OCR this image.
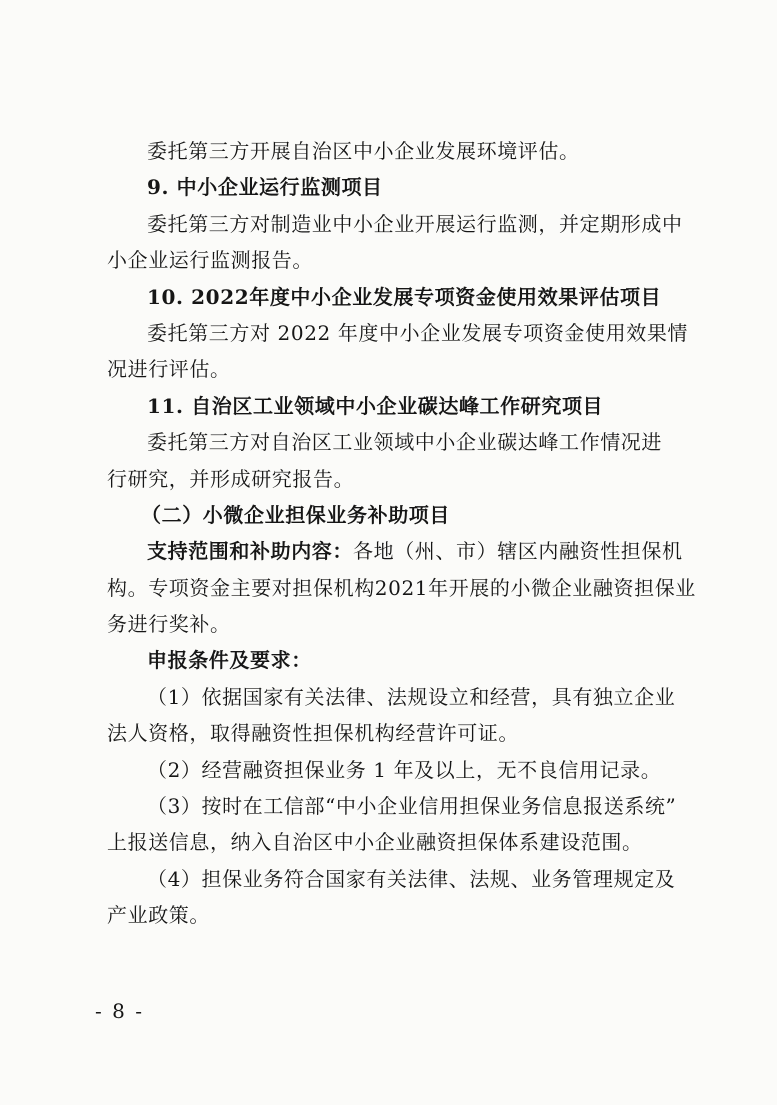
委托第三方开展自治区中小企业发展环境评估。
9. 中小企业运行监测项目
委托第三方对制造业中小企业开展运行监测，并定期形成中
小企业运行监测报告。
10. 2022年度中小企业发展专项资金使用效果评估项目
委托第三方对 2022 年度中小企业发展专项资金使用效果情
况进行评估。
11. 自治区工业领域中小企业碳达峰工作研究项目
委托第三方对自治区工业领域中小企业碳达峰工作情况进
行研究，并形成研究报告。
（二）小微企业担保业务补助项目
支持范围和补助内容：各地（州、市）辖区内融资性担保机
构。专项资金主要对担保机构2021年开展的小微企业融资担保业
务进行奖补。
申报条件及要求：
（1）依据国家有关法律、法规设立和经营，具有独立企业
法人资格，取得融资性担保机构经营许可证。
（2）经营融资担保业务 1 年及以上，无不良信用记录。
（3）按时在工信部“中小企业信用担保业务信息报送系统”
上报送信息，纳入自治区中小企业融资担保体系建设范围。
（4）担保业务符合国家有关法律、法规、业务管理规定及
产业政策。
- 8 -
